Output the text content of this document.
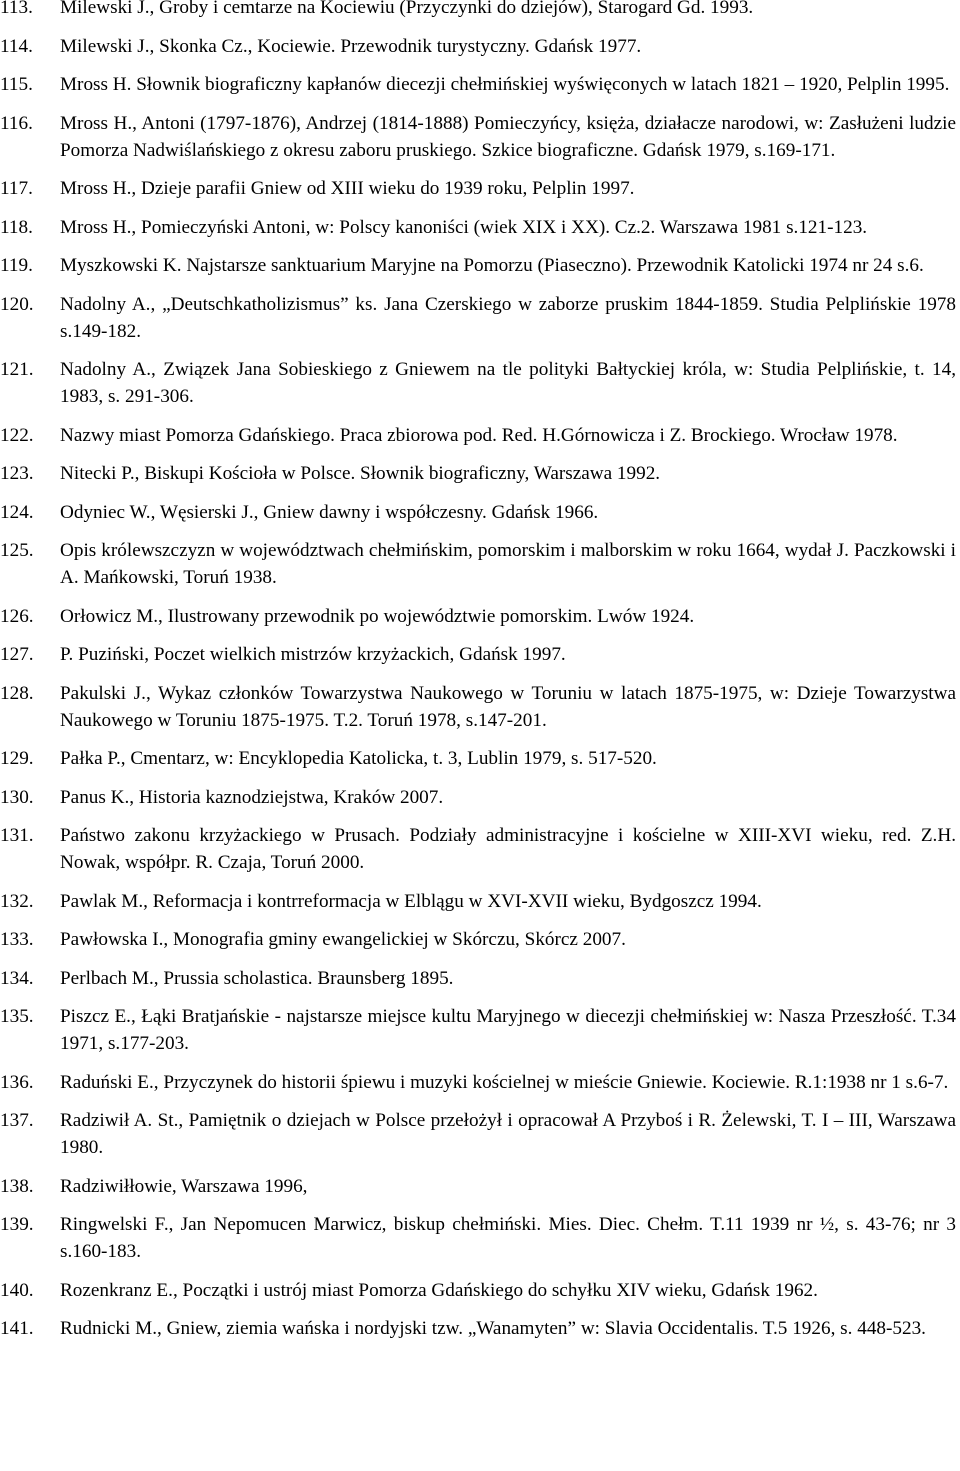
113. Milewski J., Groby i cemtarze na Kociewiu (Przyczynki do dziejów), Starogard Gd. 1993.
114. Milewski J., Skonka Cz., Kociewie. Przewodnik turystyczny. Gdańsk 1977.
115. Mross H. Słownik biograficzny kapłanów diecezji chełmińskiej wyświęconych w latach 1821 – 1920, Pelplin 1995.
116. Mross H., Antoni (1797-1876), Andrzej (1814-1888) Pomieczyńcy, księża, działacze narodowi, w: Zasłużeni ludzie Pomorza Nadwiślańskiego z okresu zaboru pruskiego. Szkice biograficzne. Gdańsk 1979, s.169-171.
117. Mross H., Dzieje parafii Gniew od XIII wieku do 1939 roku, Pelplin 1997.
118. Mross H., Pomieczyński Antoni, w: Polscy kanoniści (wiek XIX i XX). Cz.2. Warszawa 1981 s.121-123.
119. Myszkowski K. Najstarsze sanktuarium Maryjne na Pomorzu (Piaseczno). Przewodnik Katolicki 1974 nr 24 s.6.
120. Nadolny A., „Deutschkatholizismus” ks. Jana Czerskiego w zaborze pruskim 1844-1859. Studia Pelplińskie 1978 s.149-182.
121. Nadolny A., Związek Jana Sobieskiego z Gniewem na tle polityki Bałtyckiej króla, w: Studia Pelplińskie, t. 14, 1983, s. 291-306.
122. Nazwy miast Pomorza Gdańskiego. Praca zbiorowa pod. Red. H.Górnowicza i Z. Brockiego. Wrocław 1978.
123. Nitecki P., Biskupi Kościoła w Polsce. Słownik biograficzny, Warszawa 1992.
124. Odyniec W., Węsierski J., Gniew dawny i współczesny. Gdańsk 1966.
125. Opis królewszczyzn w województwach chełmińskim, pomorskim i malborskim w roku 1664, wydał J. Paczkowski i A. Mańkowski, Toruń 1938.
126. Orłowicz M., Ilustrowany przewodnik po województwie pomorskim. Lwów 1924.
127. P. Puziński, Poczet wielkich mistrzów krzyżackich, Gdańsk 1997.
128. Pakulski J., Wykaz członków Towarzystwa Naukowego w Toruniu w latach 1875-1975, w: Dzieje Towarzystwa Naukowego w Toruniu 1875-1975. T.2. Toruń 1978, s.147-201.
129. Pałka P., Cmentarz, w: Encyklopedia Katolicka, t. 3, Lublin 1979, s. 517-520.
130. Panus K., Historia kaznodziejstwa, Kraków 2007.
131. Państwo zakonu krzyżackiego w Prusach. Podziały administracyjne i kościelne w XIII-XVI wieku, red. Z.H. Nowak, współpr. R. Czaja, Toruń 2000.
132. Pawlak M., Reformacja i kontrreformacja w Elblągu w XVI-XVII wieku, Bydgoszcz 1994.
133. Pawłowska I., Monografia gminy ewangelickiej w Skórczu, Skórcz 2007.
134. Perlbach M., Prussia scholastica. Braunsberg 1895.
135. Piszcz E., Łąki Bratjańskie - najstarsze miejsce kultu Maryjnego w diecezji chełmińskiej w: Nasza Przeszłość. T.34 1971, s.177-203.
136. Raduński E., Przyczynek do historii śpiewu i muzyki kościelnej w mieście Gniewie. Kociewie. R.1:1938 nr 1 s.6-7.
137. Radziwił A. St., Pamiętnik o dziejach w Polsce przełożył i opracował A Przyboś i R. Żelewski, T. I – III, Warszawa 1980.
138. Radziwiłłowie, Warszawa 1996,
139. Ringwelski F., Jan Nepomucen Marwicz, biskup chełmiński. Mies. Diec. Chełm. T.11 1939 nr ½, s. 43-76; nr 3 s.160-183.
140. Rozenkranz E., Początki i ustrój miast Pomorza Gdańskiego do schyłku XIV wieku, Gdańsk 1962.
141. Rudnicki M., Gniew, ziemia wańska i nordyjski tzw. „Wanamyten” w: Slavia Occidentalis. T.5 1926, s. 448-523.
